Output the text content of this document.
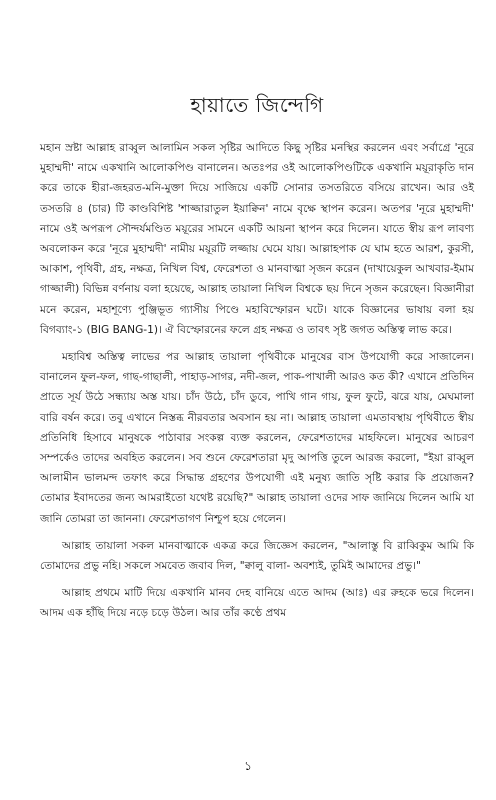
হায়াতে জিন্দেগি

মহান স্রষ্টা আল্লাহ রাব্বুল আলামিন সকল সৃষ্টির আদিতে কিছু সৃষ্টির মনস্থির করলেন এবং সর্বাগ্রে 'নূরে মুহাম্মদী' নামে একখানি আলোকপিণ্ড বানালেন। অতঃপর ওই আলোকপিণ্ডটিকে একখানি ময়ূরাকৃতি দান করে তাকে হীরা-জহরত-মনি-মুক্তা দিয়ে সাজিয়ে একটি সোনার তসতরিতে বসিয়ে রাখেন। আর ওই তসতরি ৪ (চার) টি কাণ্ডবিশিষ্ট 'শাজ্জারাতুল ইয়াক্বিন' নামে বৃক্ষে স্থাপন করেন। অতপর 'নূরে মুহাম্মদী' নামে ওই অপরূপ সৌন্দর্যমণ্ডিত ময়ূরের সামনে একটি আয়না স্থাপন করে দিলেন। যাতে স্বীয় রূপ লাবণ্য অবলোকন করে 'নূরে মুহাম্মদী' নামীয় ময়ূরটি লজ্জায় ঘেমে যায়। আল্লাহপাক যে ঘাম হতে আরশ, কুরসী, আকাশ, পৃথিবী, গ্রহ, নক্ষত্র, নিখিল বিশ্ব, ফেরেশতা ও মানবাত্মা সৃজন করেন (দাখায়েকুল আখবার-ইমাম গাজ্জালী) বিভিন্ন বর্ণনায় বলা হয়েছে, আল্লাহ তায়ালা নিখিল বিশ্বকে ছয় দিনে সৃজন করেছেন। বিজ্ঞানীরা মনে করেন, মহাশূণ্যে পুঞ্জিভূত গ্যাসীয় পিণ্ডে মহাবিস্ফোরন ঘটে। যাকে বিজ্ঞানের ভাষায় বলা হয় বিগব্যাং-১ (BIG BANG-1)। ঐ বিস্ফোরনের ফলে গ্রহ নক্ষত্র ও তাবৎ সৃষ্ট জগত অস্তিত্ব লাভ করে।

মহাবিশ্ব অস্তিত্ব লাভের পর আল্লাহ তায়ালা পৃথিবীকে মানুষের বাস উপযোগী করে সাজালেন। বানালেন ফুল-ফল, গাছ-গাছালী, পাহাড়-সাগর, নদী-জল, পাক-পাখালী আরও কত কী? এখানে প্রতিদিন প্রাতে সূর্য উঠে সন্ধ্যায় অস্ত যায়। চাঁদ উঠে, চাঁদ ডুবে, পাখি গান গায়, ফুল ফুটে, ঝরে যায়, মেঘমালা বারি বর্ষন করে। তবু এখানে নিস্তব্ধ নীরবতার অবসান হয় না। আল্লাহ তায়ালা এমতাবস্থায় পৃথিবীতে স্বীয় প্রতিনিধি হিসাবে মানুষকে পাঠাবার সংকল্প ব্যক্ত করলেন, ফেরেশতাদের মাহফিলে। মানুষের আচরণ সম্পর্কেও তাদের অবহিত করলেন। সব শুনে ফেরেশতারা মৃদু আপত্তি তুলে আরজ করলো, "ইয়া রাব্বুল আলামীন ভালমন্দ তফাৎ করে সিদ্ধান্ত গ্রহণের উপযোগী এই মনুষ্য জাতি সৃষ্টি করার কি প্রয়োজন? তোমার ইবাদতের জন্য আমরাইতো যথেষ্ট রয়েছি?" আল্লাহ তায়ালা ওদের সাফ জানিয়ে দিলেন আমি যা জানি তোমরা তা জাননা। ফেরেশতাগণ নিশ্চুপ হয়ে গেলেন।

আল্লাহ তায়ালা সকল মানবাত্মাকে একত্র করে জিজ্ঞেস করলেন, "আলাস্তু বি রাব্বিকুম আমি কি তোমাদের প্রভু নহি। সকলে সমবেত জবাব দিল, "ক্বালু বালা- অবশ্যই, তুমিই আমাদের প্রভু।"

আল্লাহ প্রথমে মাটি দিয়ে একখানি মানব দেহ বানিয়ে এতে আদম (আঃ) এর রুহকে ভরে দিলেন। আদম এক হাঁছি দিয়ে নড়ে চড়ে উঠল। আর তাঁর কণ্ঠে প্রথম

১
